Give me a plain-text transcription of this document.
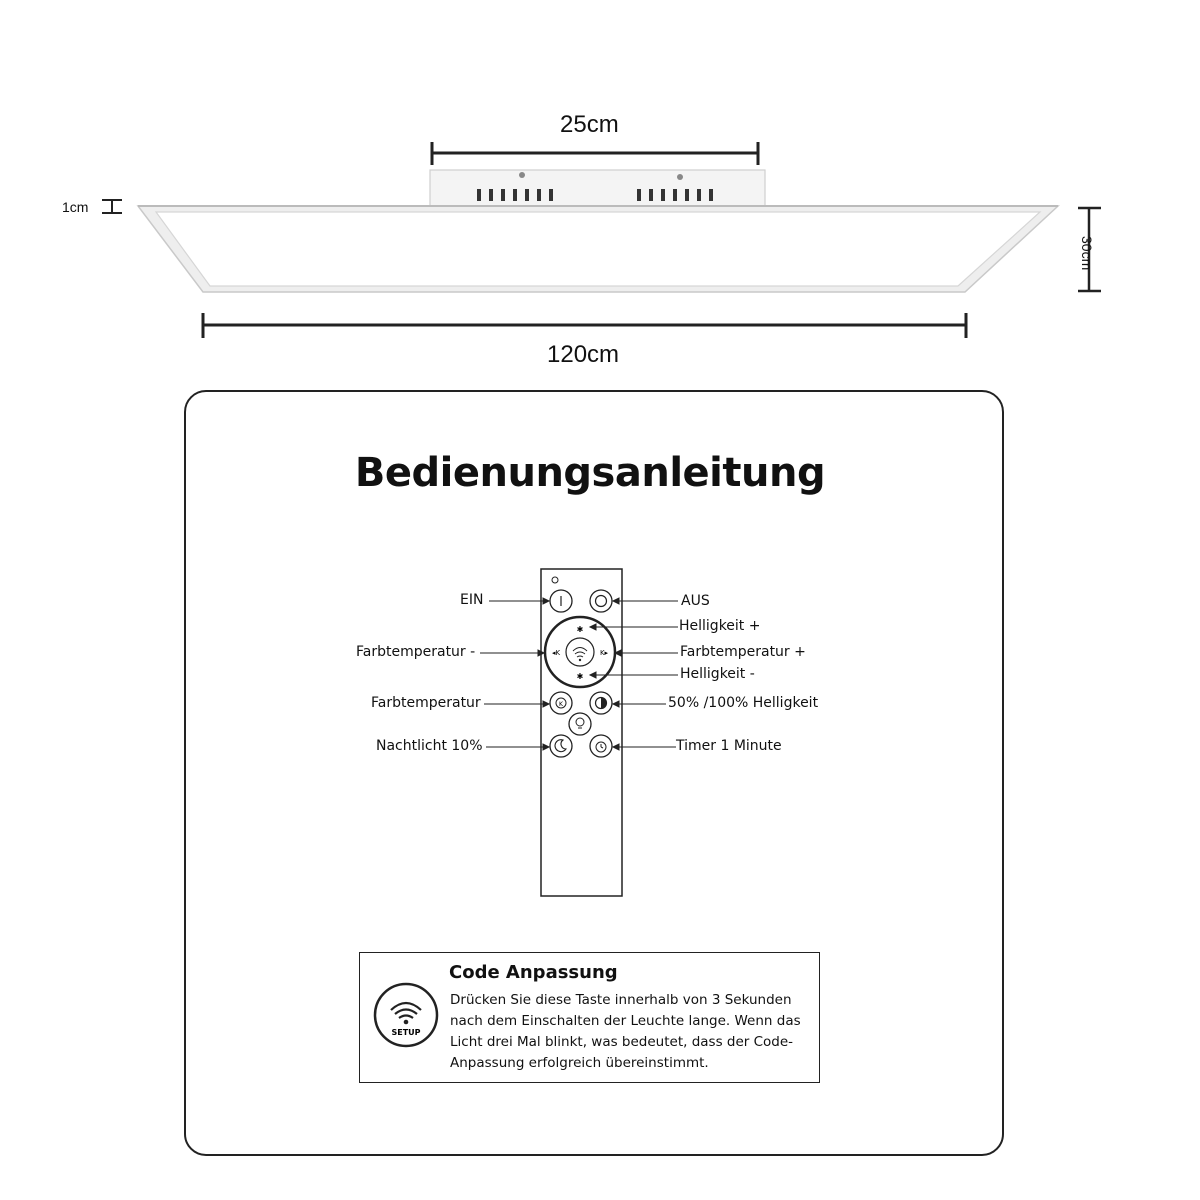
25cm
1cm
30cm
120cm
Bedienungsanleitung
✱
✱
◂K	K▸
K
EIN	AUS
Helligkeit +
Farbtemperatur -	Farbtemperatur +
Helligkeit -
Farbtemperatur	50% /100% Helligkeit
Nachtlicht 10%	Timer 1 Minute
SETUP
Code Anpassung
Drücken Sie diese Taste innerhalb von 3 Sekunden nach dem Einschalten der Leuchte lange. Wenn das Licht drei Mal blinkt, was bedeutet, dass der Code-Anpassung erfolgreich übereinstimmt.
